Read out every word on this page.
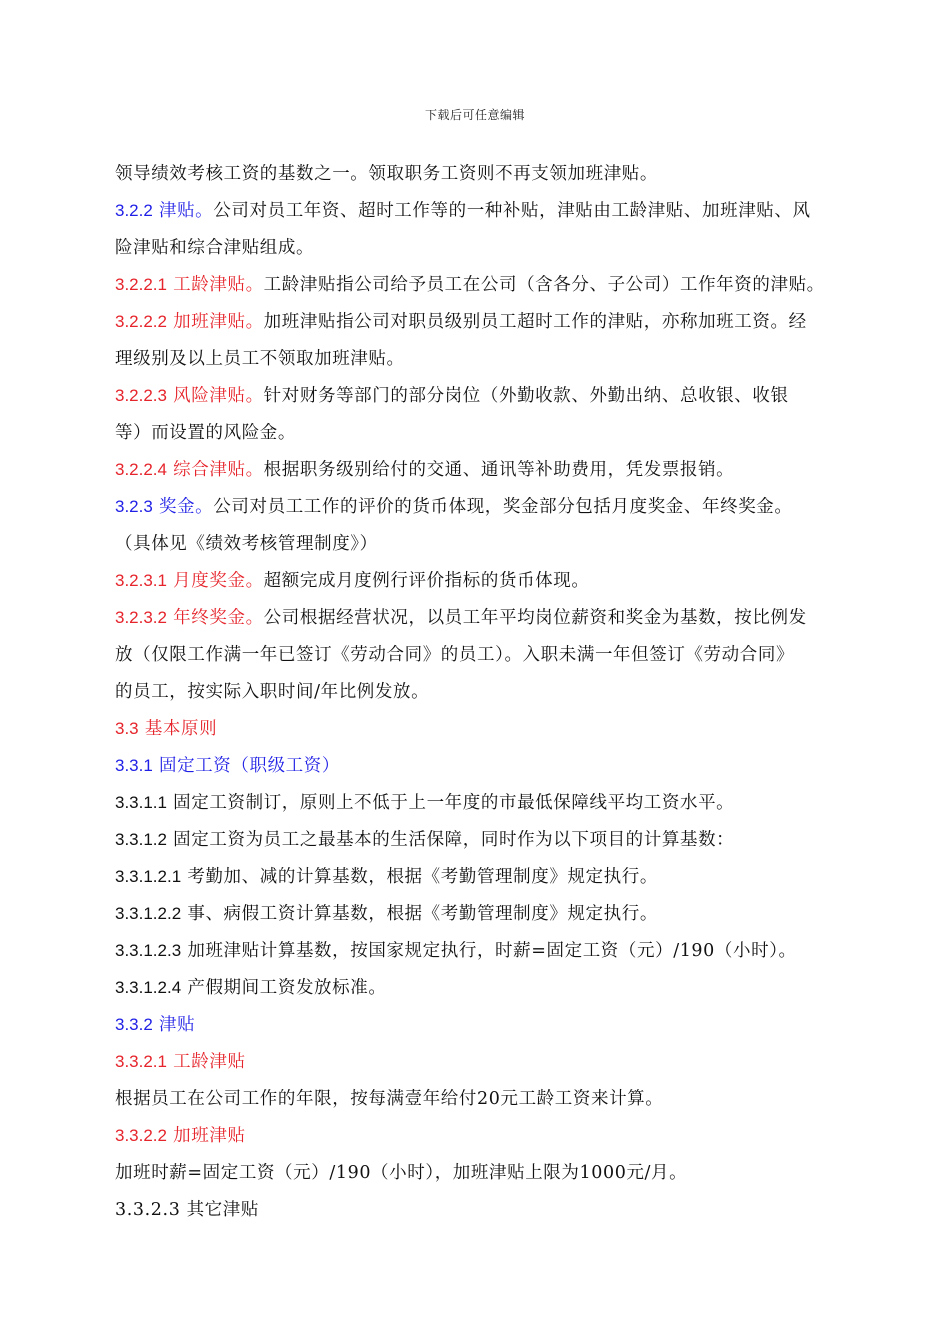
下载后可任意编辑
领导绩效考核工资的基数之一。领取职务工资则不再支领加班津贴。
3.2.2 津贴。公司对员工年资、超时工作等的一种补贴，津贴由工龄津贴、加班津贴、风
险津贴和综合津贴组成。
3.2.2.1 工龄津贴。工龄津贴指公司给予员工在公司（含各分、子公司）工作年资的津贴。
3.2.2.2 加班津贴。加班津贴指公司对职员级别员工超时工作的津贴，亦称加班工资。经
理级别及以上员工不领取加班津贴。
3.2.2.3 风险津贴。针对财务等部门的部分岗位（外勤收款、外勤出纳、总收银、收银
等）而设置的风险金。
3.2.2.4 综合津贴。根据职务级别给付的交通、通讯等补助费用，凭发票报销。
3.2.3 奖金。公司对员工工作的评价的货币体现，奖金部分包括月度奖金、年终奖金。
（具体见《绩效考核管理制度》）
3.2.3.1 月度奖金。超额完成月度例行评价指标的货币体现。
3.2.3.2 年终奖金。公司根据经营状况，以员工年平均岗位薪资和奖金为基数，按比例发
放（仅限工作满一年已签订《劳动合同》的员工）。入职未满一年但签订《劳动合同》
的员工，按实际入职时间/年比例发放。
3.3 基本原则
3.3.1 固定工资（职级工资）
3.3.1.1 固定工资制订，原则上不低于上一年度的市最低保障线平均工资水平。
3.3.1.2 固定工资为员工之最基本的生活保障，同时作为以下项目的计算基数：
3.3.1.2.1 考勤加、减的计算基数，根据《考勤管理制度》规定执行。
3.3.1.2.2 事、病假工资计算基数，根据《考勤管理制度》规定执行。
3.3.1.2.3 加班津贴计算基数，按国家规定执行，时薪=固定工资（元）/190（小时）。
3.3.1.2.4 产假期间工资发放标准。
3.3.2 津贴
3.3.2.1 工龄津贴
根据员工在公司工作的年限，按每满壹年给付20元工龄工资来计算。
3.3.2.2 加班津贴
加班时薪=固定工资（元）/190（小时），加班津贴上限为1000元/月。
3.3.2.3 其它津贴
